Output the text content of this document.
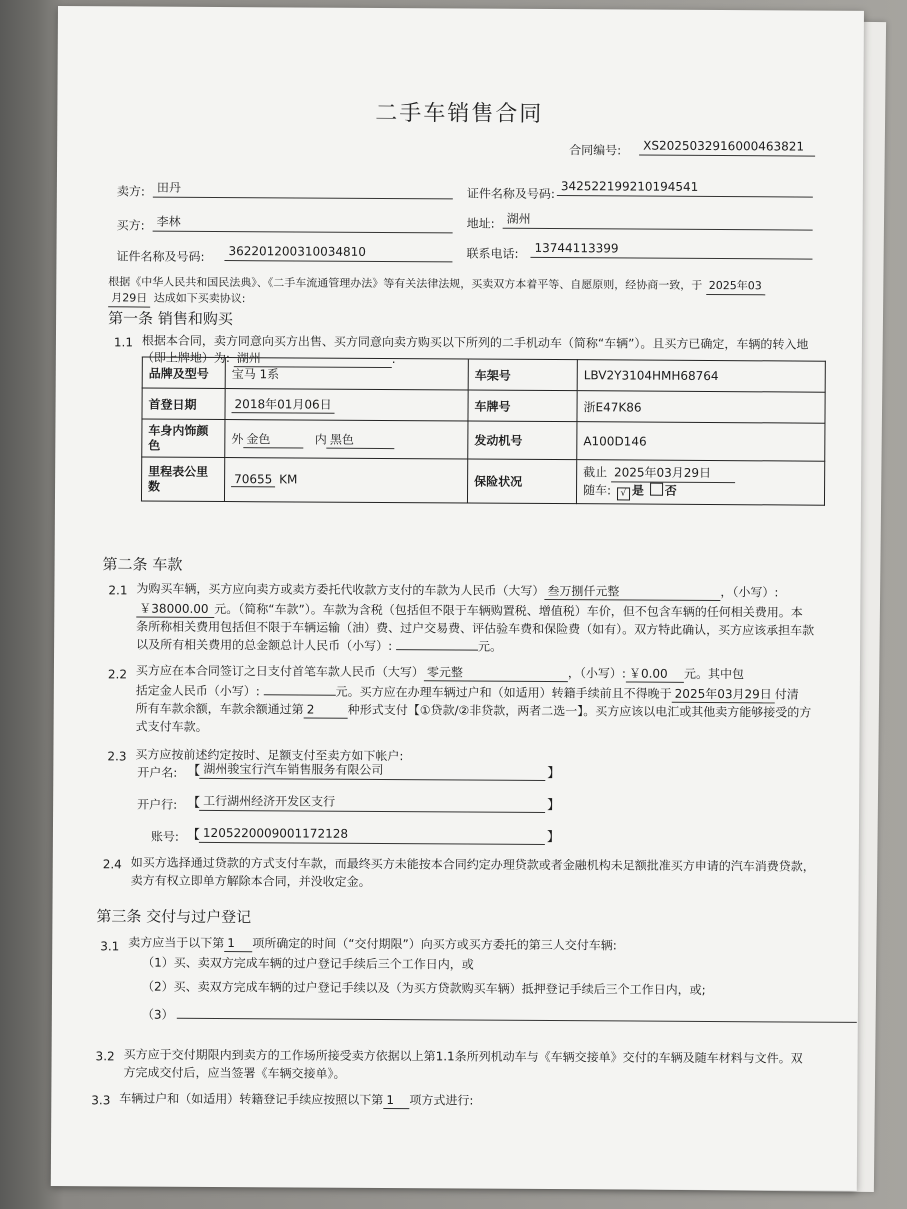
二手车销售合同
合同编号:	XS2025032916000463821
卖方: 田丹	证件名称及号码: 342522199210194541
买方: 李林	地址: 湖州
证件名称及号码:	362201200310034810	联系电话:	13744113399
根据《中华人民共和国民法典》、《二手车流通管理办法》等有关法律法规，买卖双方本着平等、自愿原则，经协商一致，于 2025年03
月29日 达成如下买卖协议:
第一条 销售和购买
1.1 根据本合同，卖方同意向买方出售、买方同意向卖方购买以下所列的二手机动车（简称“车辆”）。且买方已确定，车辆的转入地
（即上牌地）为: 湖州	.
品牌及型号	宝马 1系	车架号	LBV2Y3104HMH68764
首登日期	2018年01月06日	车牌号	浙E47K86
车身内饰颜色	外 金色 内 黑色	发动机号	A100D146
里程表公里数	70655 KM	保险状况	截止 2025年03月29日
随车: √ 是 否
第二条 车款
2.1 为购买车辆，买方应向卖方或卖方委托代收款方支付的车款为人民币（大写） 叁万捌仟元整	，（小写）:
￥38000.00 元。（简称“车款”）。车款为含税（包括但不限于车辆购置税、增值税）车价，但不包含车辆的任何相关费用。本
条所称相关费用包括但不限于车辆运输（油）费、过户交易费、评估验车费和保险费（如有）。双方特此确认，买方应该承担车款
以及所有相关费用的总金额总计人民币（小写）:	元。
2.2 买方应在本合同签订之日支付首笔车款人民币（大写） 零元整	，（小写）: ￥0.00 元。其中包
括定金人民币（小写）:	元。买方应在办理车辆过户和（如适用）转籍手续前且不得晚于 2025年03月29日 付清
所有车款余额，车款余额通过第 2	种形式支付【①贷款/②非贷款，两者二选一】。买方应该以电汇或其他卖方能够接受的方
式支付车款。
2.3 买方应按前述约定按时、足额支付至卖方如下帐户:
开户名: 【 湖州骏宝行汽车销售服务有限公司	】
开户行: 【 工行湖州经济开发区支行	】
账号: 【 1205220009001172128	】
2.4 如买方选择通过贷款的方式支付车款，而最终买方未能按本合同约定办理贷款或者金融机构未足额批准买方申请的汽车消费贷款，
卖方有权立即单方解除本合同，并没收定金。
第三条 交付与过户登记
3.1 卖方应当于以下第 1 项所确定的时间（“交付期限”）向买方或买方委托的第三人交付车辆:
（1）买、卖双方完成车辆的过户登记手续后三个工作日内，或
（2）买、卖双方完成车辆的过户登记手续以及（为买方贷款购买车辆）抵押登记手续后三个工作日内，或;
（3）
3.2 买方应于交付期限内到卖方的工作场所接受卖方依据以上第1.1条所列机动车与《车辆交接单》交付的车辆及随车材料与文件。双
方完成交付后，应当签署《车辆交接单》。
3.3 车辆过户和（如适用）转籍登记手续应按照以下第 1 项方式进行:
